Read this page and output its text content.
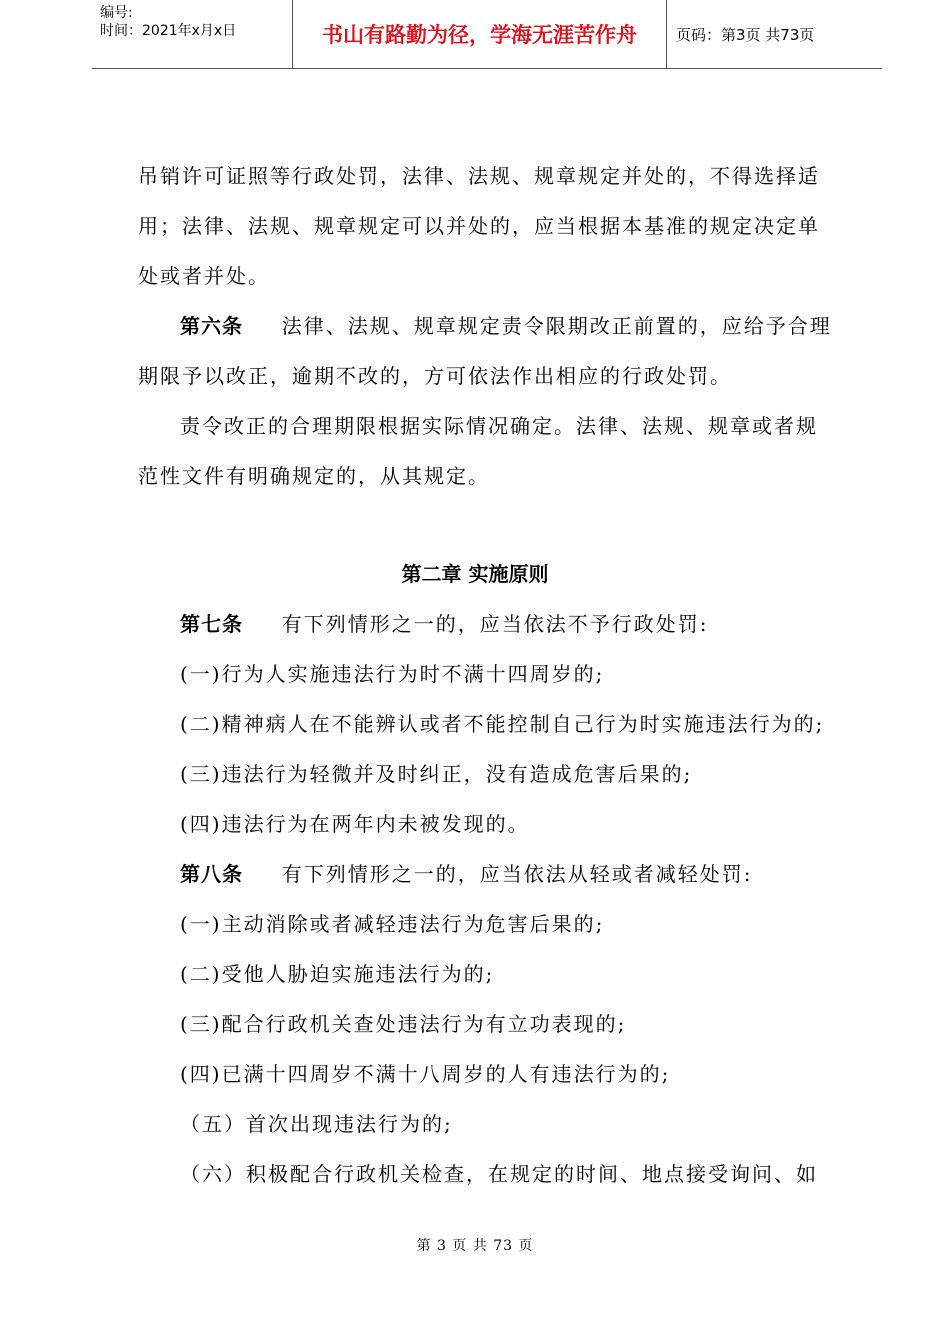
编号:
时间：2021年x月x日	书山有路勤为径，学海无涯苦作舟	页码：第3页 共73页
吊销许可证照等行政处罚，法律、法规、规章规定并处的，不得选择适
用；法律、法规、规章规定可以并处的，应当根据本基准的规定决定单
处或者并处。
第六条 法律、法规、规章规定责令限期改正前置的，应给予合理
期限予以改正，逾期不改的，方可依法作出相应的行政处罚。
责令改正的合理期限根据实际情况确定。法律、法规、规章或者规
范性文件有明确规定的，从其规定。
第二章 实施原则
第七条 有下列情形之一的，应当依法不予行政处罚:
(一)行为人实施违法行为时不满十四周岁的;
(二)精神病人在不能辨认或者不能控制自己行为时实施违法行为的;
(三)违法行为轻微并及时纠正，没有造成危害后果的;
(四)违法行为在两年内未被发现的。
第八条 有下列情形之一的，应当依法从轻或者减轻处罚:
(一)主动消除或者减轻违法行为危害后果的;
(二)受他人胁迫实施违法行为的;
(三)配合行政机关查处违法行为有立功表现的;
(四)已满十四周岁不满十八周岁的人有违法行为的;
（五）首次出现违法行为的;
（六）积极配合行政机关检查，在规定的时间、地点接受询问、如
第 3 页 共 73 页
